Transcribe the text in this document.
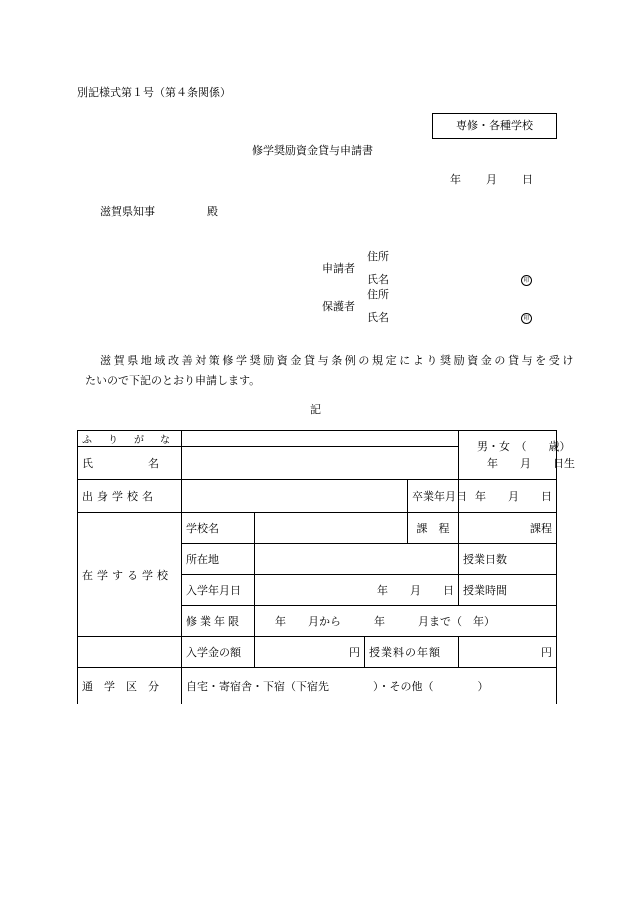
別記様式第１号（第４条関係）
専修・各種学校
修学奨励資金貸与申請書
年 月 日
滋賀県知事	殿
住所
申請者
氏名	印
住所
保護者
氏名	印
滋賀県地域改善対策修学奨励資金貸与条例の規定により奨励資金の貸与を受け
たいので下記のとおり申請します。
記
ふ　り　が　な					男・女　（　　歳）
年　　月　　日生	

氏　　　　　名						
出身学校名				卒業年月日	年　　月　　日	
在学する学校	学校名			課　程	課程	
	所在地				授業日数	
	入学年月日	年　　月　　日			授業時間	
	修業年限	年　　月から　　　年　　　月まで（　年）				
	入学金の額	円	授業料の年額		円	
通　学　区　分	自宅・寄宿舎・下宿（下宿先　　　　）・その他（　　　　）					
